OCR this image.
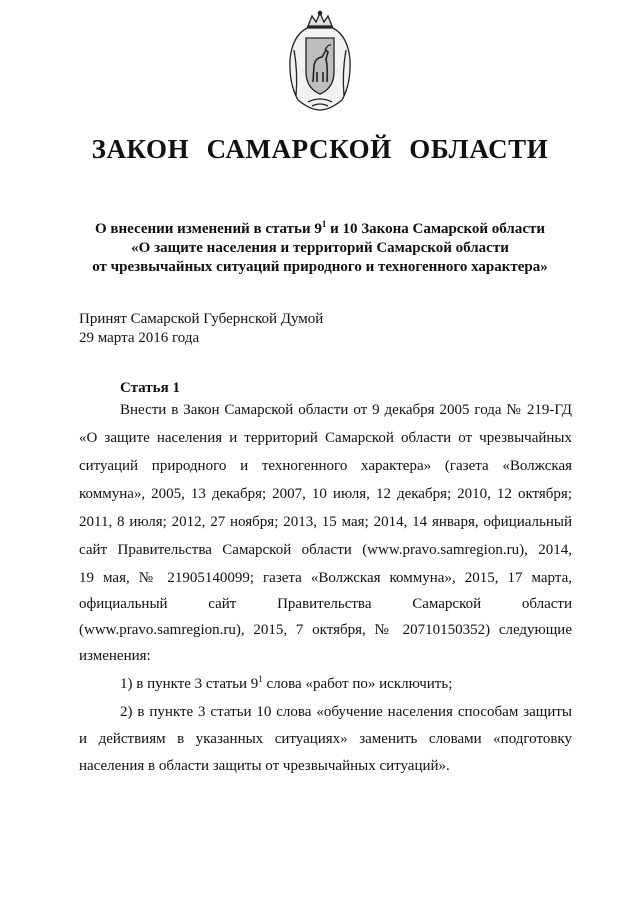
ЗАКОН САМАРСКОЙ ОБЛАСТИ
О внесении изменений в статьи $9^1$ и 10 Закона Самарской области
«О защите населения и территорий Самарской области
от чрезвычайных ситуаций природного и техногенного характера»
Принят Самарской Губернской Думой
29 марта 2016 года
Статья 1
Внести в Закон Самарской области от 9 декабря 2005 года № 219-ГД
«О защите населения и территорий Самарской области от чрезвычайных
ситуаций природного и техногенного характера» (газета «Волжская
коммуна», 2005, 13 декабря; 2007, 10 июля, 12 декабря; 2010, 12 октября;
2011, 8 июля; 2012, 27 ноября; 2013, 15 мая; 2014, 14 января, официальный
сайт Правительства Самарской области (www.pravo.samregion.ru), 2014,
19 мая, № 21905140099; газета «Волжская коммуна», 2015, 17 марта,
официальный сайт Правительства Самарской области
(www.pravo.samregion.ru), 2015, 7 октября, № 20710150352) следующие
изменения:
1) в пункте 3 статьи $9^1$ слова «работ по» исключить;
2) в пункте 3 статьи 10 слова «обучение населения способам защиты
и действиям в указанных ситуациях» заменить словами «подготовку
населения в области защиты от чрезвычайных ситуаций».
